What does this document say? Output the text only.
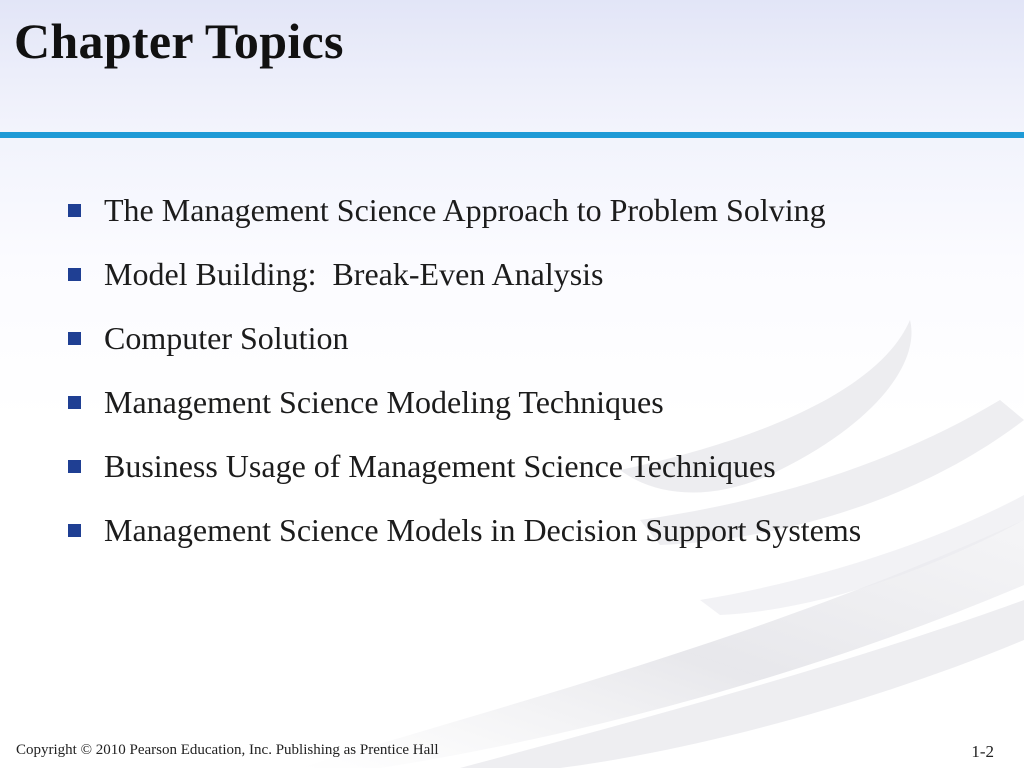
Chapter Topics
The Management Science Approach to Problem Solving
Model Building:  Break-Even Analysis
Computer Solution
Management Science Modeling Techniques
Business Usage of Management Science Techniques
Management Science Models in Decision Support Systems
Copyright © 2010 Pearson Education, Inc. Publishing as Prentice Hall	1-2
